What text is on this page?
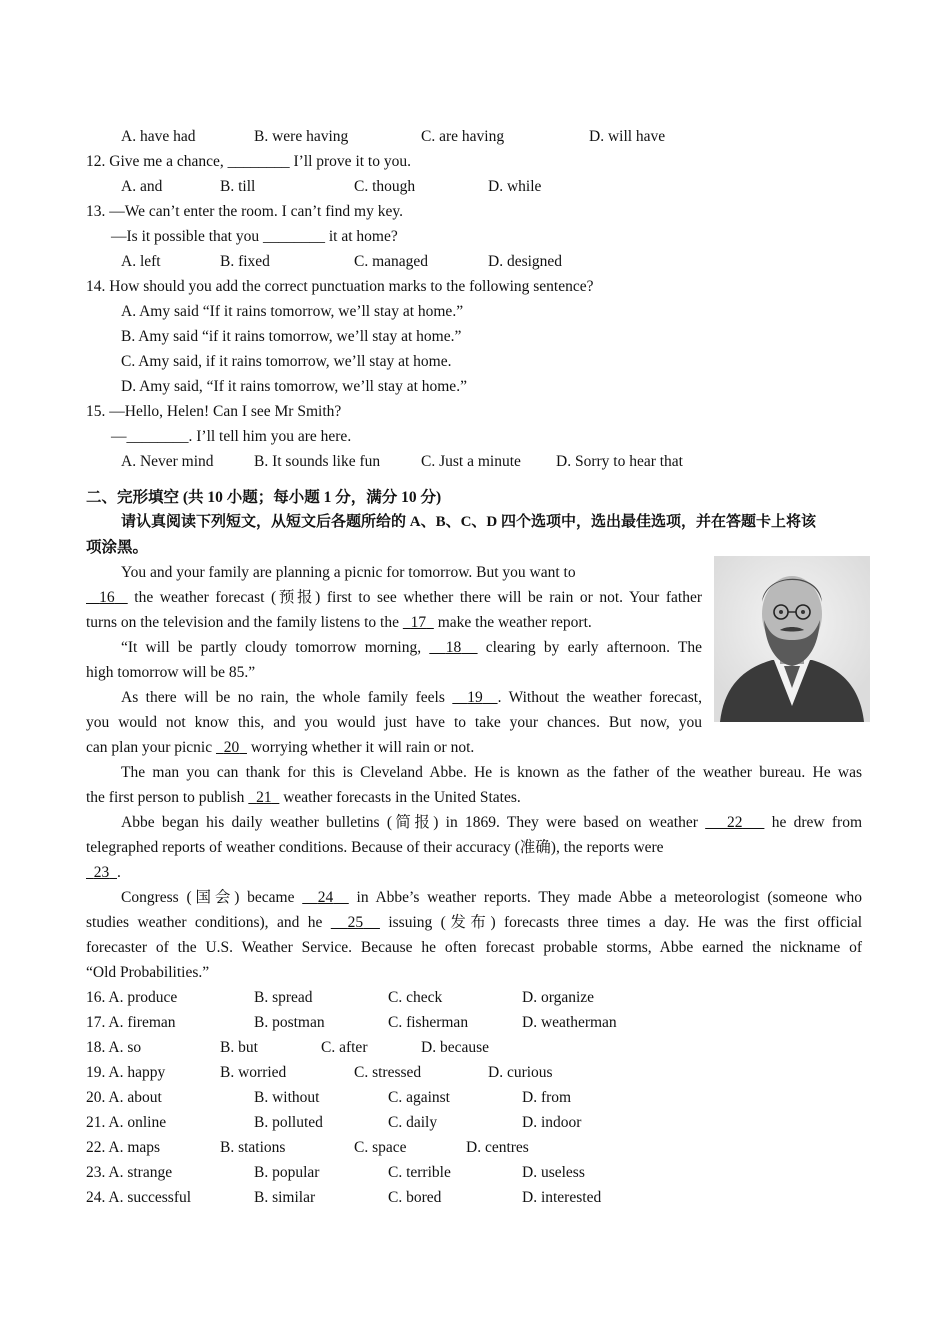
A. have had	B. were having	C. are having	D. will have
12. Give me a chance, ________ I’ll prove it to you.
A. and	B. till	C. though	D. while
13. —We can’t enter the room. I can’t find my key.
—Is it possible that you ________ it at home?
A. left	B. fixed	C. managed	D. designed
14. How should you add the correct punctuation marks to the following sentence?
A. Amy said “If it rains tomorrow, we’ll stay at home.”
B. Amy said “if it rains tomorrow, we’ll stay at home.”
C. Amy said, if it rains tomorrow, we’ll stay at home.
D. Amy said, “If it rains tomorrow, we’ll stay at home.”
15. —Hello, Helen! Can I see Mr Smith?
—________. I’ll tell him you are here.
A. Never mind	B. It sounds like fun	C. Just a minute D. Sorry to hear that
二、完形填空 (共 10 小题；每小题 1 分，满分 10 分)
请认真阅读下列短文，从短文后各题所给的 A、B、C、D 四个选项中，选出最佳选项，并在答题卡上将该
项涂黑。
You and your family are planning a picnic for tomorrow. But you want to
16   the weather forecast (预报) first to see whether there will be rain or not. Your father
turns on the television and the family listens to the   17   make the weather report.
“It will be partly cloudy tomorrow morning,   18   clearing by early afternoon. The
high tomorrow will be 85.”
As there will be no rain, the whole family feels   19 . Without the weather forecast,
you would not know this, and you would just have to take your chances. But now, you
can plan your picnic   20   worrying whether it will rain or not.
The man you can thank for this is Cleveland Abbe. He is known as the father of the weather bureau. He was
the first person to publish   21   weather forecasts in the United States.
Abbe began his daily weather bulletins (简报) in 1869. They were based on weather    22    he drew from
telegraphed reports of weather conditions. Because of their accuracy (准确), the reports were
23 .
Congress (国会) became   24   in Abbe’s weather reports. They made Abbe a meteorologist (someone who
studies weather conditions), and he   25   issuing (发布) forecasts three times a day. He was the first official
forecaster of the U.S. Weather Service. Because he often forecast probable storms, Abbe earned the nickname of
“Old Probabilities.”
16. A. produce	B. spread	C. check	D. organize
17. A. fireman	B. postman	C. fisherman	D. weatherman
18. A. so	B. but	C. after	D. because
19. A. happy	B. worried	C. stressed	D. curious
20. A. about	B. without	C. against	D. from
21. A. online	B. polluted	C. daily	D. indoor
22. A. maps	B. stations	C. space	D. centres
23. A. strange	B. popular	C. terrible	D. useless
24. A. successful	B. similar	C. bored	D. interested
